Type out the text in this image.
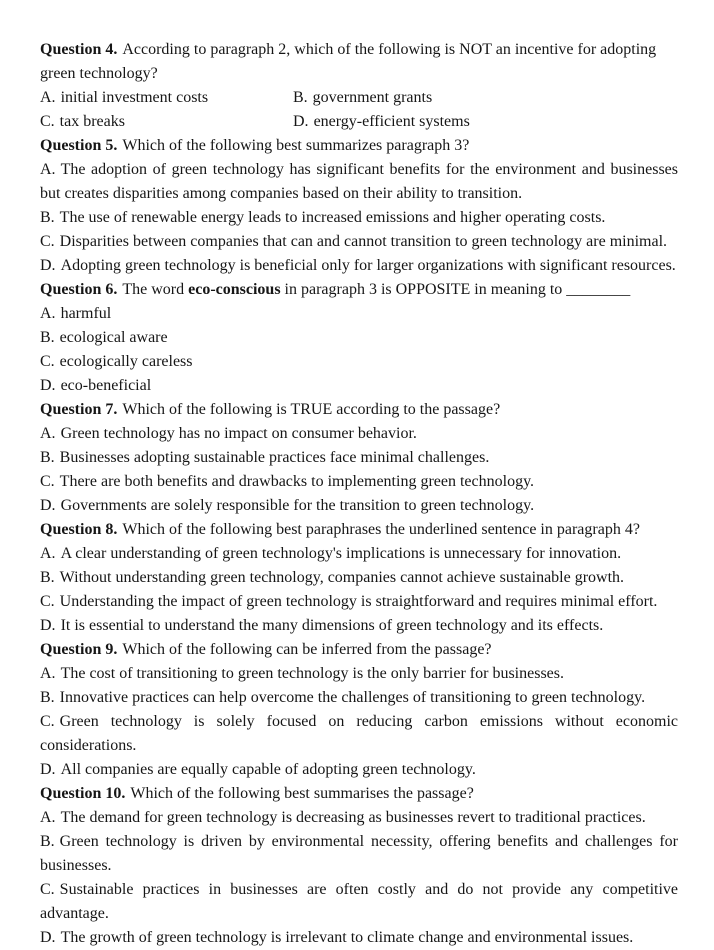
Question 4. According to paragraph 2, which of the following is NOT an incentive for adopting green technology?

A. initial investment costs	B. government grants

C. tax breaks	D. energy-efficient systems

Question 5. Which of the following best summarizes paragraph 3?

A. The adoption of green technology has significant benefits for the environment and businesses but creates disparities among companies based on their ability to transition.

B. The use of renewable energy leads to increased emissions and higher operating costs.

C. Disparities between companies that can and cannot transition to green technology are minimal.

D. Adopting green technology is beneficial only for larger organizations with significant resources.

Question 6. The word eco-conscious in paragraph 3 is OPPOSITE in meaning to ________

A. harmful

B. ecological aware

C. ecologically careless

D. eco-beneficial

Question 7. Which of the following is TRUE according to the passage?

A. Green technology has no impact on consumer behavior.

B. Businesses adopting sustainable practices face minimal challenges.

C. There are both benefits and drawbacks to implementing green technology.

D. Governments are solely responsible for the transition to green technology.

Question 8. Which of the following best paraphrases the underlined sentence in paragraph 4?

A. A clear understanding of green technology's implications is unnecessary for innovation.

B. Without understanding green technology, companies cannot achieve sustainable growth.

C. Understanding the impact of green technology is straightforward and requires minimal effort.

D. It is essential to understand the many dimensions of green technology and its effects.

Question 9. Which of the following can be inferred from the passage?

A. The cost of transitioning to green technology is the only barrier for businesses.

B. Innovative practices can help overcome the challenges of transitioning to green technology.

C. Green technology is solely focused on reducing carbon emissions without economic considerations.

D. All companies are equally capable of adopting green technology.

Question 10. Which of the following best summarises the passage?

A. The demand for green technology is decreasing as businesses revert to traditional practices.

B. Green technology is driven by environmental necessity, offering benefits and challenges for businesses.

C. Sustainable practices in businesses are often costly and do not provide any competitive advantage.

D. The growth of green technology is irrelevant to climate change and environmental issues.
